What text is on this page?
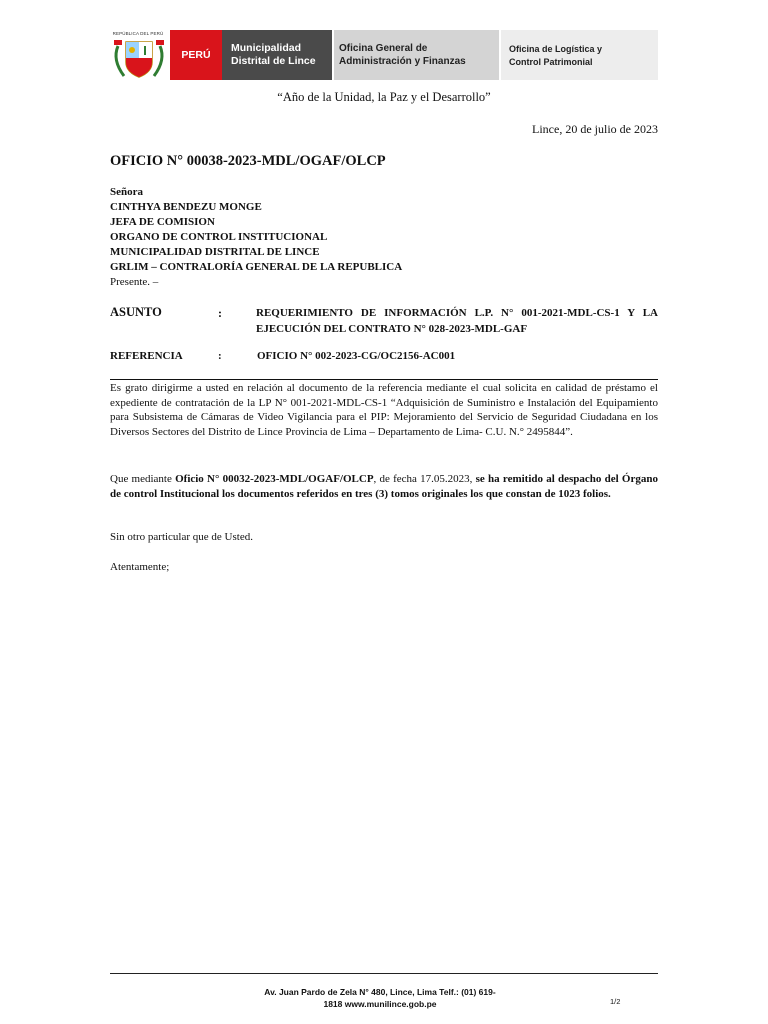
REPÚBLICA DEL PERÚ
PERÚ
Municipalidad
Distrital de Lince
Oficina General de
Administración y Finanzas
Oficina de Logística y
Control Patrimonial
“Año de la Unidad, la Paz y el Desarrollo”
Lince, 20 de julio de 2023
OFICIO N° 00038-2023-MDL/OGAF/OLCP
Señora
CINTHYA BENDEZU MONGE
JEFA DE COMISION
ORGANO DE CONTROL INSTITUCIONAL
MUNICIPALIDAD DISTRITAL DE LINCE
GRLIM – CONTRALORÍA GENERAL DE LA REPUBLICA
Presente. –
ASUNTO	:	REQUERIMIENTO DE INFORMACIÓN L.P. N° 001-2021-MDL-CS-1 Y LA EJECUCIÓN DEL CONTRATO N° 028-2023-MDL-GAF
REFERENCIA	:	OFICIO N° 002-2023-CG/OC2156-AC001
Es grato dirigirme a usted en relación al documento de la referencia mediante el cual solicita en calidad de préstamo el expediente de contratación de la LP N° 001-2021-MDL-CS-1 “Adquisición de Suministro e Instalación del Equipamiento para Subsistema de Cámaras de Video Vigilancia para el PIP: Mejoramiento del Servicio de Seguridad Ciudadana en los Diversos Sectores del Distrito de Lince Provincia de Lima – Departamento de Lima- C.U. N.° 2495844”.
Que mediante Oficio N° 00032-2023-MDL/OGAF/OLCP, de fecha 17.05.2023, se ha remitido al despacho del Órgano de control Institucional los documentos referidos en tres (3) tomos originales los que constan de 1023 folios.
Sin otro particular que de Usted.
Atentamente;
Av. Juan Pardo de Zela N° 480, Lince, Lima Telf.: (01) 619-
1818 www.munilince.gob.pe	1/2
